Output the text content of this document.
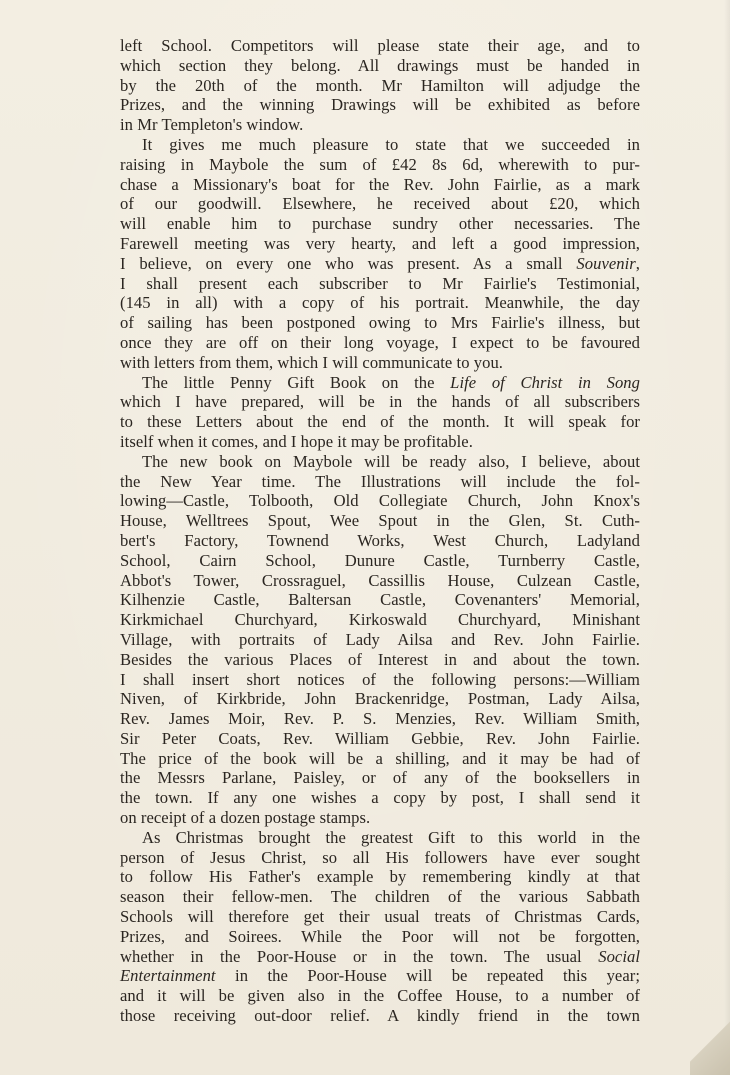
left School. Competitors will please state their age, and to
which section they belong. All drawings must be handed in
by the 20th of the month. Mr Hamilton will adjudge the
Prizes, and the winning Drawings will be exhibited as before
in Mr Templeton's window.
It gives me much pleasure to state that we succeeded in
raising in Maybole the sum of £42 8s 6d, wherewith to pur-
chase a Missionary's boat for the Rev. John Fairlie, as a mark
of our goodwill. Elsewhere, he received about £20, which
will enable him to purchase sundry other necessaries. The
Farewell meeting was very hearty, and left a good impression,
I believe, on every one who was present. As a small Souvenir,
I shall present each subscriber to Mr Fairlie's Testimonial,
(145 in all) with a copy of his portrait. Meanwhile, the day
of sailing has been postponed owing to Mrs Fairlie's illness, but
once they are off on their long voyage, I expect to be favoured
with letters from them, which I will communicate to you.
The little Penny Gift Book on the Life of Christ in Song
which I have prepared, will be in the hands of all subscribers
to these Letters about the end of the month. It will speak for
itself when it comes, and I hope it may be profitable.
The new book on Maybole will be ready also, I believe, about
the New Year time. The Illustrations will include the fol-
lowing—Castle, Tolbooth, Old Collegiate Church, John Knox's
House, Welltrees Spout, Wee Spout in the Glen, St. Cuth-
bert's Factory, Townend Works, West Church, Ladyland
School, Cairn School, Dunure Castle, Turnberry Castle,
Abbot's Tower, Crossraguel, Cassillis House, Culzean Castle,
Kilhenzie Castle, Baltersan Castle, Covenanters' Memorial,
Kirkmichael Churchyard, Kirkoswald Churchyard, Minishant
Village, with portraits of Lady Ailsa and Rev. John Fairlie.
Besides the various Places of Interest in and about the town.
I shall insert short notices of the following persons:—William
Niven, of Kirkbride, John Brackenridge, Postman, Lady Ailsa,
Rev. James Moir, Rev. P. S. Menzies, Rev. William Smith,
Sir Peter Coats, Rev. William Gebbie, Rev. John Fairlie.
The price of the book will be a shilling, and it may be had of
the Messrs Parlane, Paisley, or of any of the booksellers in
the town. If any one wishes a copy by post, I shall send it
on receipt of a dozen postage stamps.
As Christmas brought the greatest Gift to this world in the
person of Jesus Christ, so all His followers have ever sought
to follow His Father's example by remembering kindly at that
season their fellow-men. The children of the various Sabbath
Schools will therefore get their usual treats of Christmas Cards,
Prizes, and Soirees. While the Poor will not be forgotten,
whether in the Poor-House or in the town. The usual Social
Entertainment in the Poor-House will be repeated this year;
and it will be given also in the Coffee House, to a number of
those receiving out-door relief. A kindly friend in the town
